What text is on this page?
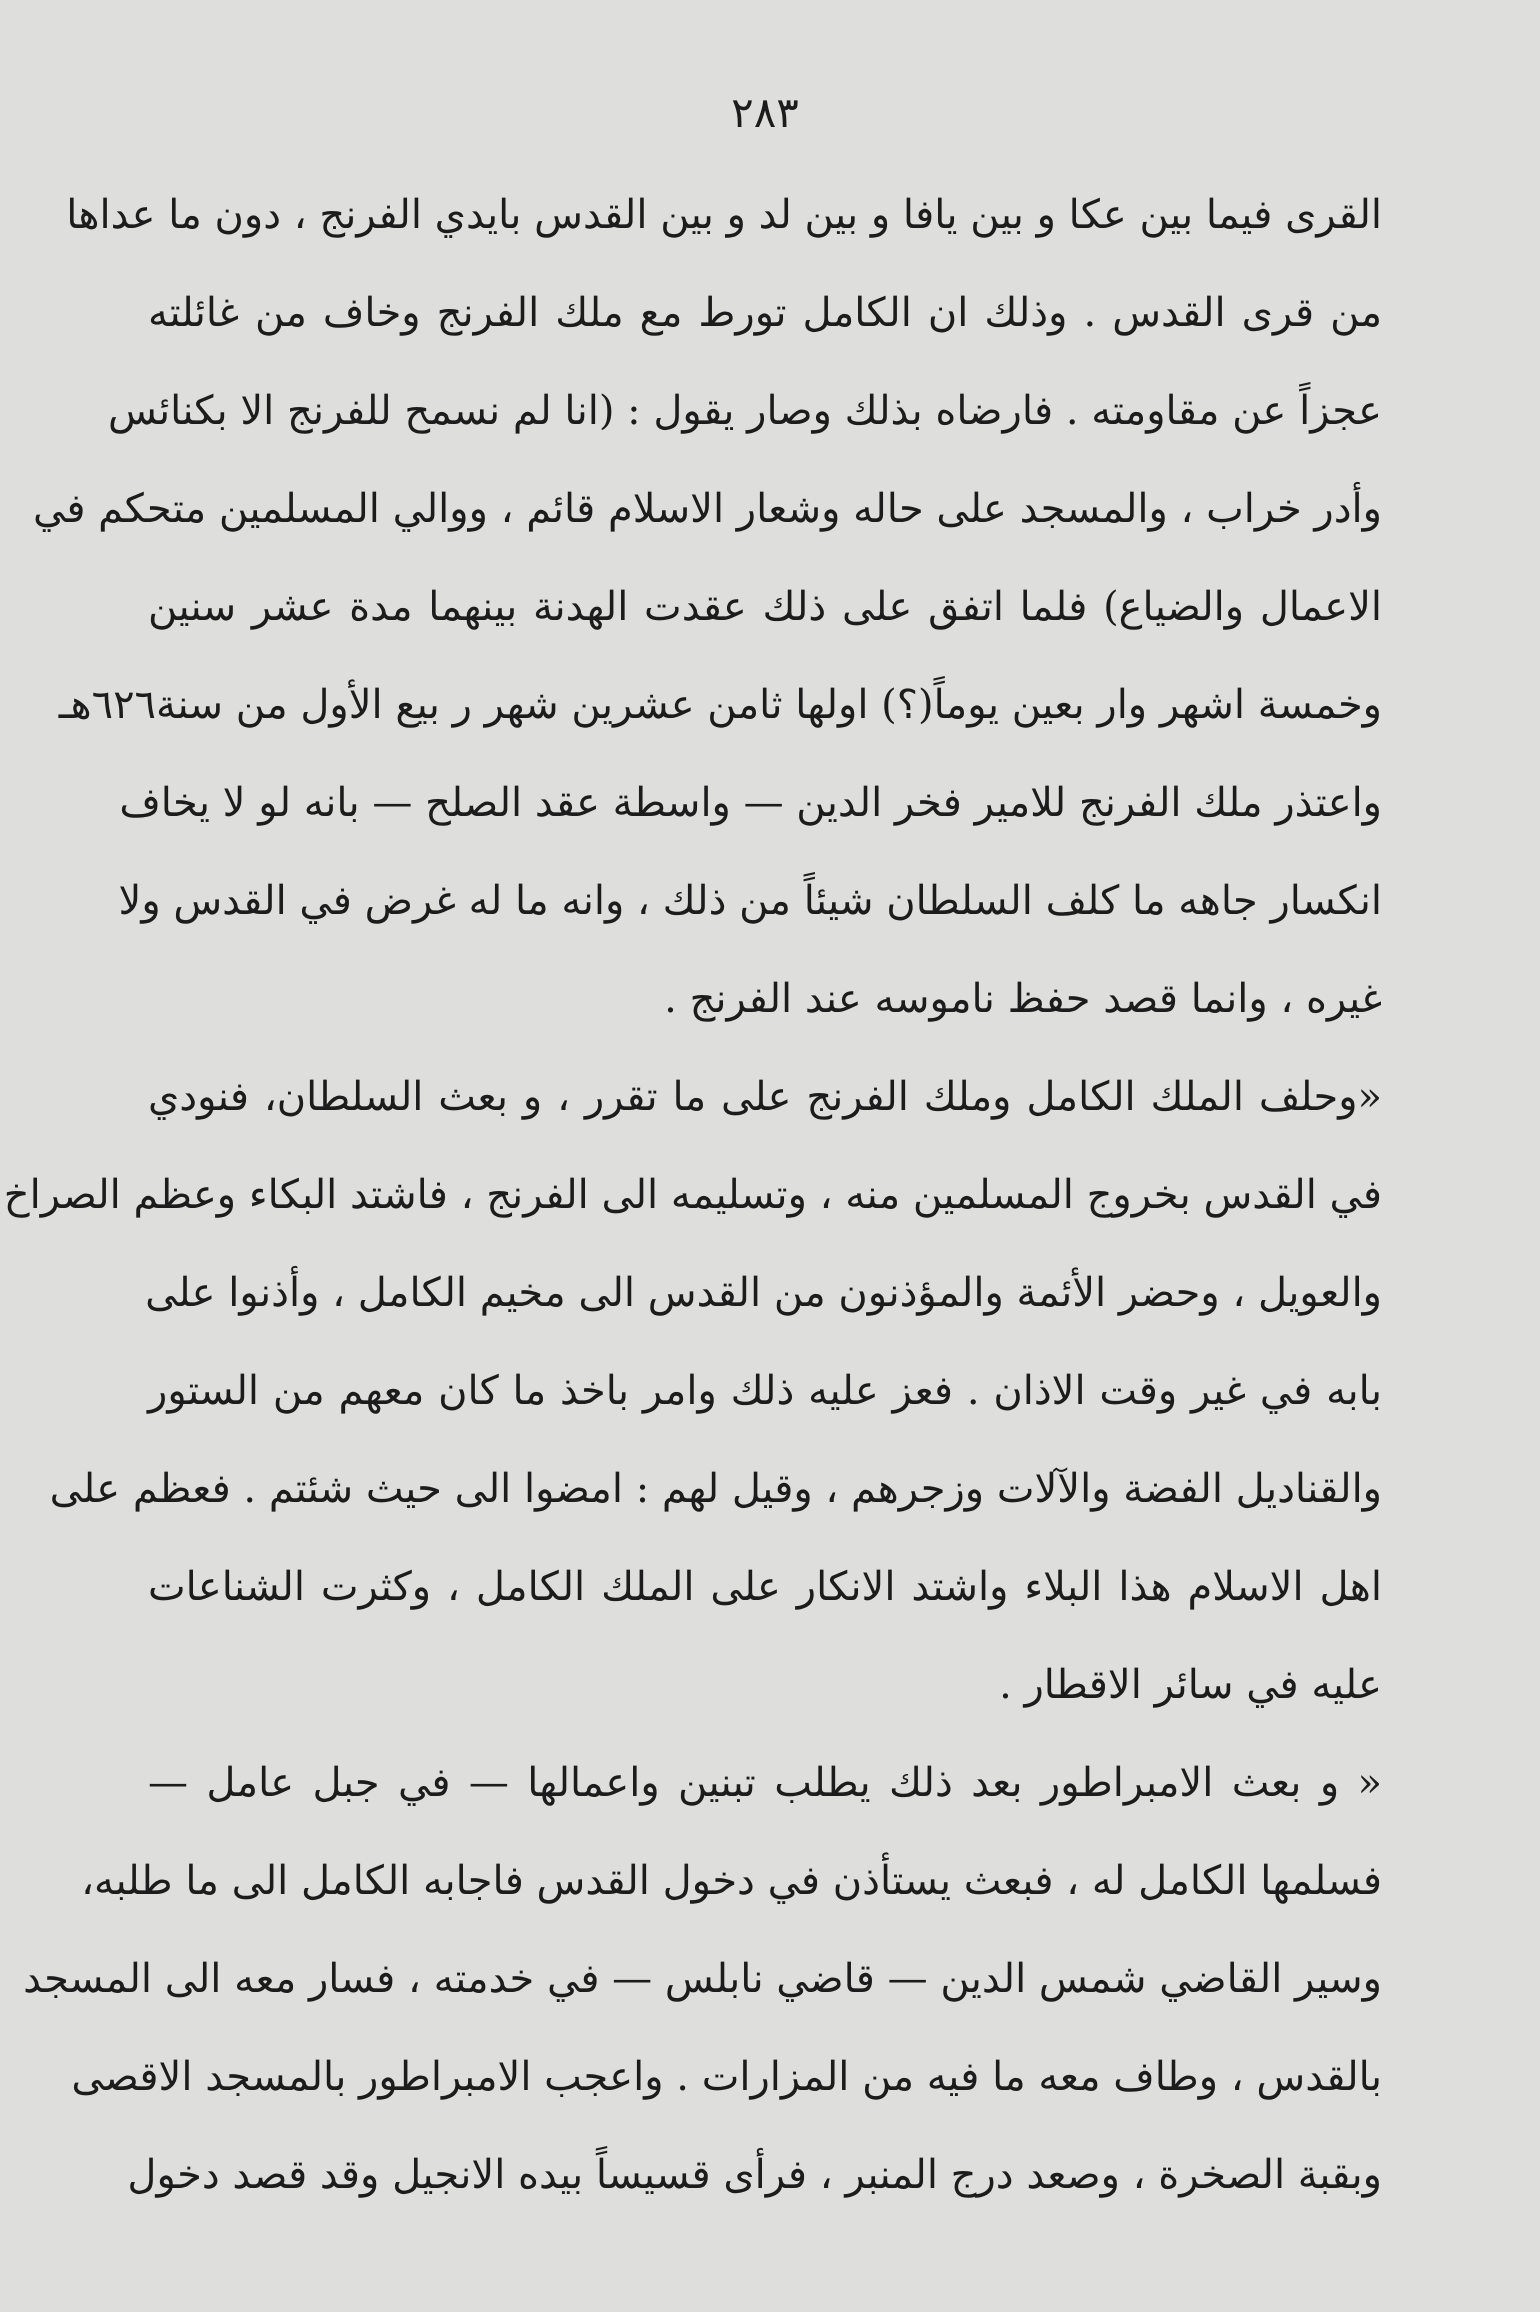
٢٨٣
القرى فيما بين عكا و بين يافا و بين لد و بين القدس بايدي الفرنج ، دون ما عداها
من قرى القدس . وذلك ان الكامل تورط مع ملك الفرنج وخاف من غائلته
عجزاً عن مقاومته . فارضاه بذلك وصار يقول : (انا لم نسمح للفرنج الا بكنائس
وأدر خراب ، والمسجد على حاله وشعار الاسلام قائم ، ووالي المسلمين متحكم في
الاعمال والضياع) فلما اتفق على ذلك عقدت الهدنة بينهما مدة عشر سنين
وخمسة اشهر وار بعين يوماً(؟) اولها ثامن عشرين شهر ر بيع الأول من سنة٦٢٦هـ
واعتذر ملك الفرنج للامير فخر الدين — واسطة عقد الصلح — بانه لو لا يخاف
انكسار جاهه ما كلف السلطان شيئاً من ذلك ، وانه ما له غرض في القدس ولا
غيره ، وانما قصد حفظ ناموسه عند الفرنج .
«وحلف الملك الكامل وملك الفرنج على ما تقرر ، و بعث السلطان، فنودي
في القدس بخروج المسلمين منه ، وتسليمه الى الفرنج ، فاشتد البكاء وعظم الصراخ
والعويل ، وحضر الأئمة والمؤذنون من القدس الى مخيم الكامل ، وأذنوا على
بابه في غير وقت الاذان . فعز عليه ذلك وامر باخذ ما كان معهم من الستور
والقناديل الفضة والآلات وزجرهم ، وقيل لهم : امضوا الى حيث شئتم . فعظم على
اهل الاسلام هذا البلاء واشتد الانكار على الملك الكامل ، وكثرت الشناعات
عليه في سائر الاقطار .
« و بعث الامبراطور بعد ذلك يطلب تبنين واعمالها — في جبل عامل —
فسلمها الكامل له ، فبعث يستأذن في دخول القدس فاجابه الكامل الى ما طلبه،
وسير القاضي شمس الدين — قاضي نابلس — في خدمته ، فسار معه الى المسجد
بالقدس ، وطاف معه ما فيه من المزارات . واعجب الامبراطور بالمسجد الاقصى
وبقبة الصخرة ، وصعد درج المنبر ، فرأى قسيساً بيده الانجيل وقد قصد دخول
